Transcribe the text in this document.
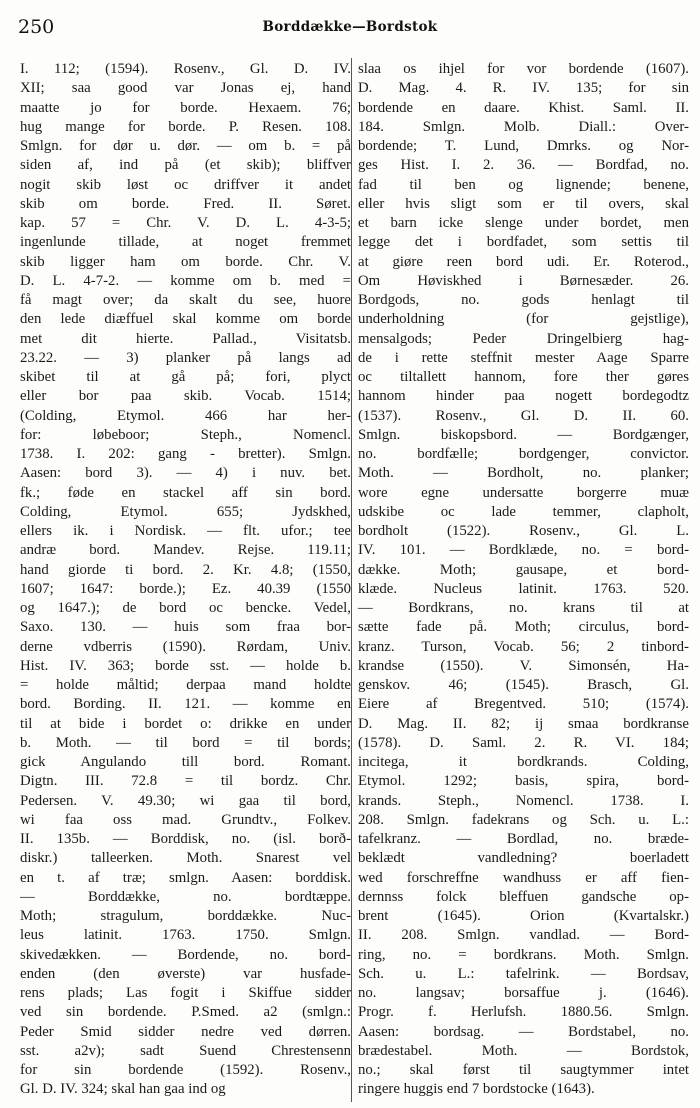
250	Borddække—Bordstok
I. 112; (1594). Rosenv., Gl. D. IV.
XII; saa good var Jonas ej, hand
maatte jo for borde. Hexaem. 76;
hug mange for borde. P. Resen. 108.
Smlgn. for dør u. dør. — om b. = på
siden af, ind på (et skib); bliffver
nogit skib løst oc driffver it andet
skib om borde. Fred. II. Søret.
kap. 57 = Chr. V. D. L. 4-3-5;
ingenlunde tillade, at noget fremmet
skib ligger ham om borde. Chr. V.
D. L. 4-7-2. — komme om b. med =
få magt over; da skalt du see, huore
den lede diæffuel skal komme om borde
met dit hierte. Pallad., Visitatsb.
23.22. — 3) planker på langs ad
skibet til at gå på; fori, plyct
eller bor paa skib. Vocab. 1514;
(Colding, Etymol. 466 har her-
for: løbeboor; Steph., Nomencl.
1738. I. 202: gang - bretter). Smlgn.
Aasen: bord 3). — 4) i nuv. bet.
fk.; føde en stackel aff sin bord.
Colding, Etymol. 655; Jydskhed,
ellers ik. i Nordisk. — flt. ufor.; tee
andræ bord. Mandev. Rejse. 119.11;
hand giorde ti bord. 2. Kr. 4.8; (1550,
1607; 1647: borde.); Ez. 40.39 (1550
og 1647.); de bord oc bencke. Vedel,
Saxo. 130. — huis som fraa bor-
derne vdberris (1590). Rørdam, Univ.
Hist. IV. 363; borde sst. — holde b.
= holde måltid; derpaa mand holdte
bord. Bording. II. 121. — komme en
til at bide i bordet o: drikke en under
b. Moth. — til bord = til bords;
gick Angulando till bord. Romant.
Digtn. III. 72.8 = til bordz. Chr.
Pedersen. V. 49.30; wi gaa til bord,
wi faa oss mad. Grundtv., Folkev.
II. 135b. — Borddisk, no. (isl. borð-
diskr.) talleerken. Moth. Snarest vel
en t. af træ; smlgn. Aasen: borddisk.
— Borddække, no. bordtæppe.
Moth; stragulum, borddække. Nuc-
leus latinit. 1763. 1750. Smlgn.
skivedækken. — Bordende, no. bord-
enden (den øverste) var husfade-
rens plads; Las fogit i Skiffue sidder
ved sin bordende. P.Smed. a2 (smlgn.:
Peder Smid sidder nedre ved dørren.
sst. a2v); sadt Suend Chrestensenn
for sin bordende (1592). Rosenv.,
Gl. D. IV. 324; skal han gaa ind og
slaa os ihjel for vor bordende (1607).
D. Mag. 4. R. IV. 135; for sin
bordende en daare. Khist. Saml. II.
184. Smlgn. Molb. Diall.: Over-
bordende; T. Lund, Dmrks. og Nor-
ges Hist. I. 2. 36. — Bordfad, no.
fad til ben og lignende; benene,
eller hvis sligt som er til overs, skal
et barn icke slenge under bordet, men
legge det i bordfadet, som settis til
at giøre reen bord udi. Er. Roterod.,
Om Høviskhed i Børnesæder. 26.
Bordgods, no. gods henlagt til
underholdning (for gejstlige),
mensalgods; Peder Dringelbierg hag-
de i rette steffnit mester Aage Sparre
oc tiltallett hannom, fore ther gøres
hannom hinder paa nogett bordegodtz
(1537). Rosenv., Gl. D. II. 60.
Smlgn. biskopsbord. — Bordgænger,
no. bordfælle; bordgenger, convictor.
Moth. — Bordholt, no. planker;
wore egne undersatte borgerre muæ
udskibe oc lade temmer, clapholt,
bordholt (1522). Rosenv., Gl. L.
IV. 101. — Bordklæde, no. = bord-
dække. Moth; gausape, et bord-
klæde. Nucleus latinit. 1763. 520.
— Bordkrans, no. krans til at
sætte fade på. Moth; circulus, bord-
kranz. Turson, Vocab. 56; 2 tinbord-
krandse (1550). V. Simonsén, Ha-
genskov. 46; (1545). Brasch, Gl.
Eiere af Bregentved. 510; (1574).
D. Mag. II. 82; ij smaa bordkranse
(1578). D. Saml. 2. R. VI. 184;
incitega, it bordkrands. Colding,
Etymol. 1292; basis, spira, bord-
krands. Steph., Nomencl. 1738. I.
208. Smlgn. fadekrans og Sch. u. L.:
tafelkranz. — Bordlad, no. bræde-
beklædt vandledning? boerladett
wed forschreffne wandhuss er aff fien-
dernnss folck bleffuen gandsche op-
brent (1645). Orion (Kvartalskr.)
II. 208. Smlgn. vandlad. — Bord-
ring, no. = bordkrans. Moth. Smlgn.
Sch. u. L.: tafelrink. — Bordsav,
no. langsav; borsaffue j. (1646).
Progr. f. Herlufsh. 1880.56. Smlgn.
Aasen: bordsag. — Bordstabel, no.
brædestabel. Moth. — Bordstok,
no.; skal først til saugtymmer intet
ringere huggis end 7 bordstocke (1643).
